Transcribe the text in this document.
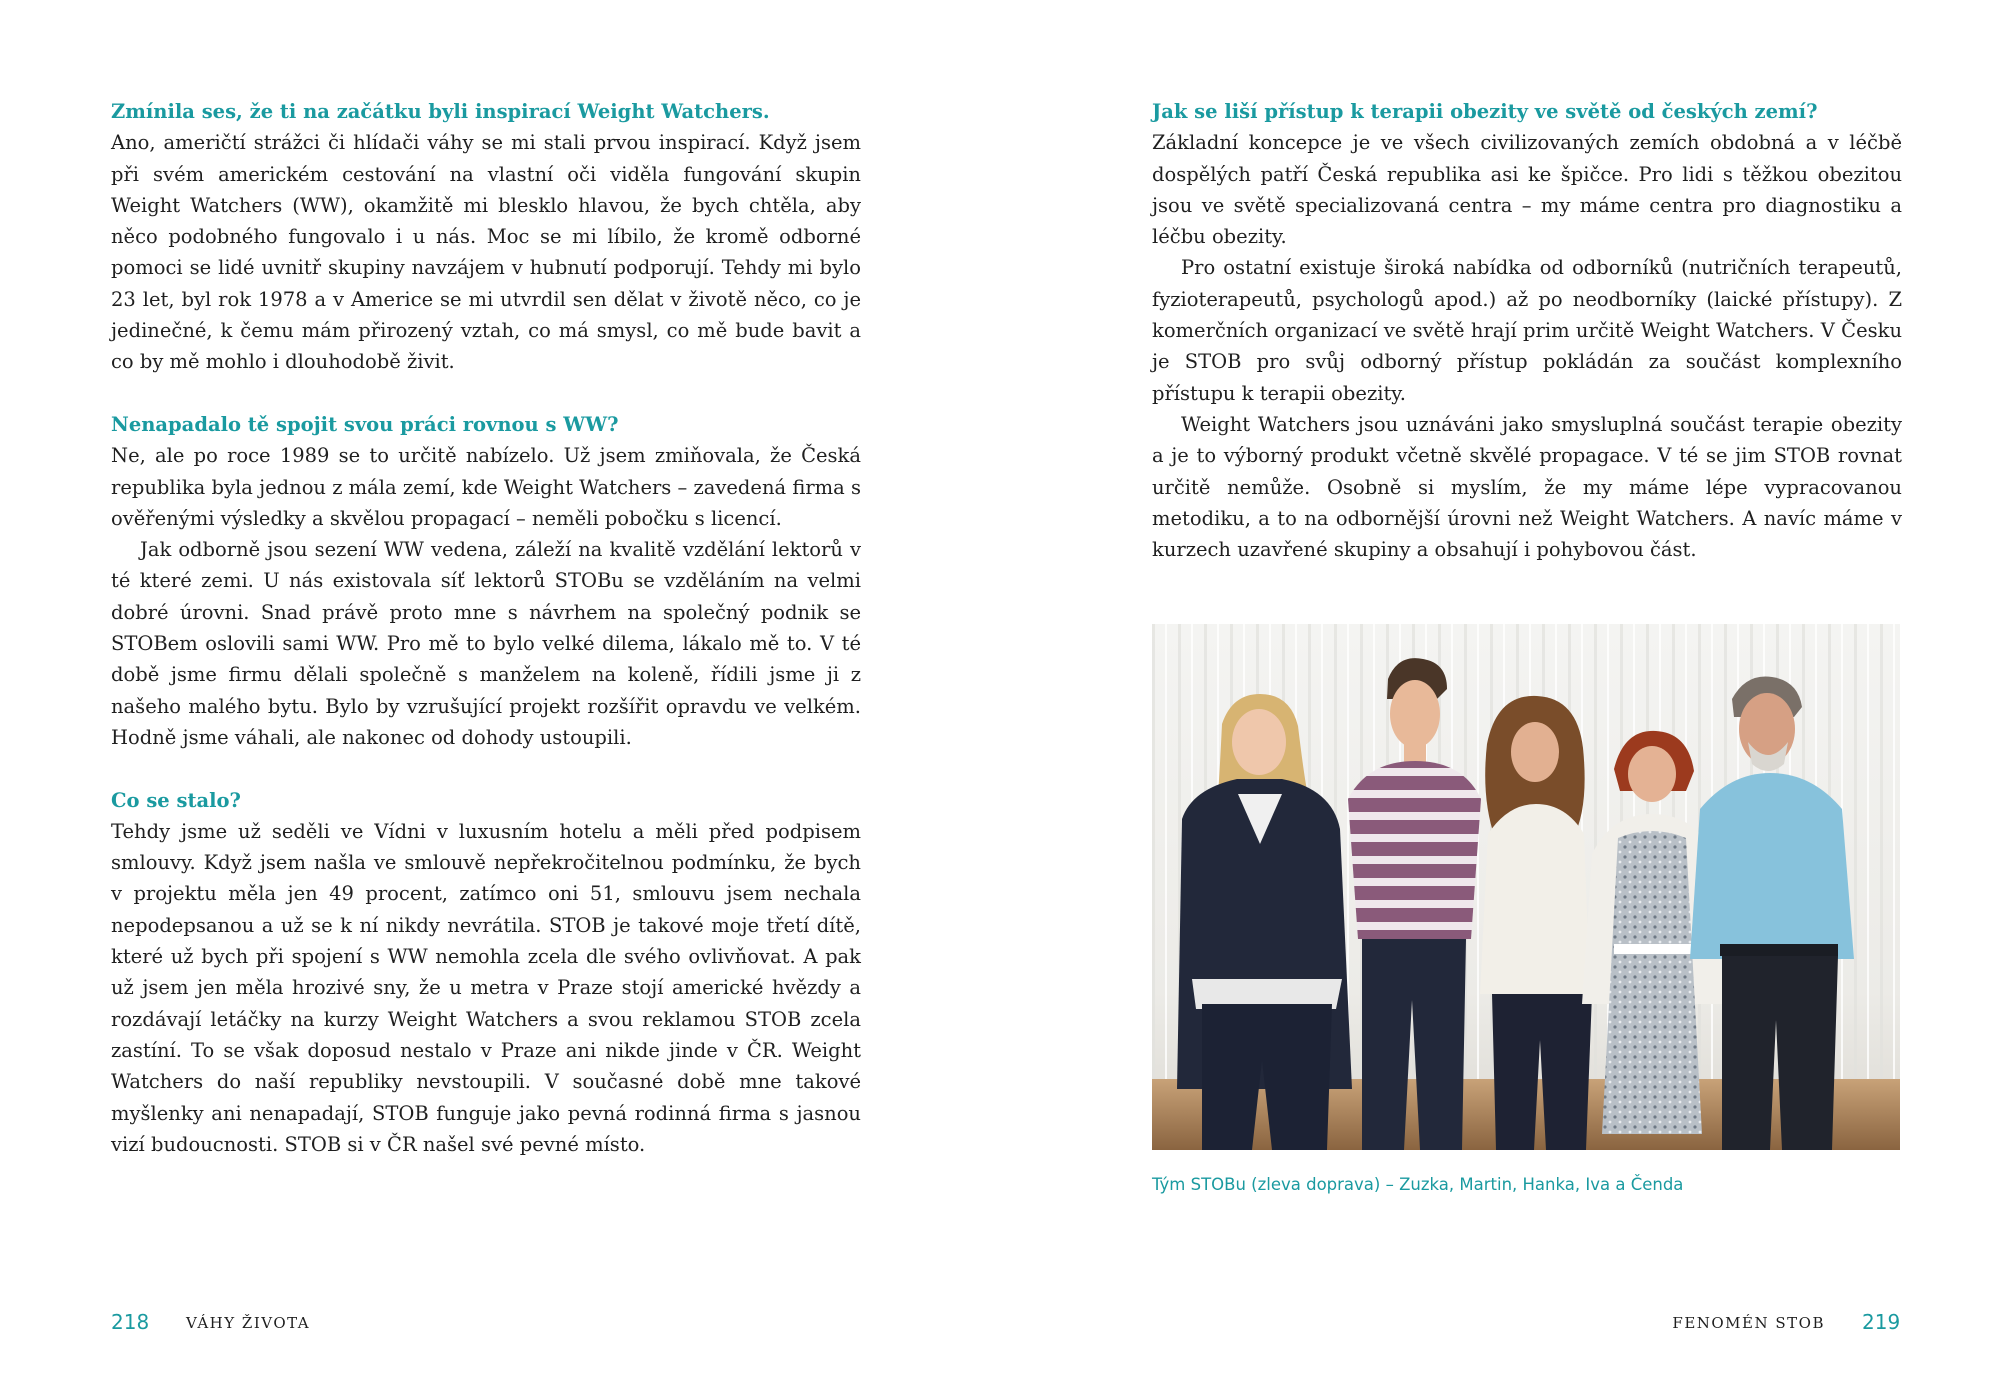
Zmínila ses, že ti na začátku byli inspirací Weight Watchers.

Ano, američtí strážci či hlídači váhy se mi stali prvou inspirací. Když jsem při svém americkém cestování na vlastní oči viděla fungování skupin Weight Watchers (WW), okamžitě mi blesklo hlavou, že bych chtěla, aby něco podobného fungovalo i u nás. Moc se mi líbilo, že kromě odborné pomoci se lidé uvnitř skupiny navzájem v hubnutí podporují. Tehdy mi bylo 23 let, byl rok 1978 a v Americe se mi utvrdil sen dělat v životě něco, co je jedinečné, k čemu mám přirozený vztah, co má smysl, co mě bude bavit a co by mě mohlo i dlouhodobě živit.

Nenapadalo tě spojit svou práci rovnou s WW?

Ne, ale po roce 1989 se to určitě nabízelo. Už jsem zmiňovala, že Česká republika byla jednou z mála zemí, kde Weight Watchers – zavedená firma s ověřenými výsledky a skvělou propagací – neměli pobočku s licencí.

Jak odborně jsou sezení WW vedena, záleží na kvalitě vzdělání lektorů v té které zemi. U nás existovala síť lektorů STOBu se vzděláním na velmi dobré úrovni. Snad právě proto mne s návrhem na společný podnik se STOBem oslovili sami WW. Pro mě to bylo velké dilema, lákalo mě to. V té době jsme firmu dělali společně s manželem na koleně, řídili jsme ji z našeho malého bytu. Bylo by vzrušující projekt rozšířit opravdu ve velkém. Hodně jsme váhali, ale nakonec od dohody ustoupili.

Co se stalo?

Tehdy jsme už seděli ve Vídni v luxusním hotelu a měli před podpisem smlouvy. Když jsem našla ve smlouvě nepřekročitelnou podmínku, že bych v projektu měla jen 49 procent, zatímco oni 51, smlouvu jsem nechala nepodepsanou a už se k ní nikdy nevrátila. STOB je takové moje třetí dítě, které už bych při spojení s WW nemohla zcela dle svého ovlivňovat. A pak už jsem jen měla hrozivé sny, že u metra v Praze stojí americké hvězdy a rozdávají letáčky na kurzy Weight Watchers a svou reklamou STOB zcela zastíní. To se však doposud nestalo v Praze ani nikde jinde v ČR. Weight Watchers do naší republiky nevstoupili. V současné době mne takové myšlenky ani nenapadají, STOB funguje jako pevná rodinná firma s jasnou vizí budoucnosti. STOB si v ČR našel své pevné místo.

218 VÁHY ŽIVOTA

Jak se liší přístup k terapii obezity ve světě od českých zemí?

Základní koncepce je ve všech civilizovaných zemích obdobná a v léčbě dospělých patří Česká republika asi ke špičce. Pro lidi s těžkou obezitou jsou ve světě specializovaná centra – my máme centra pro diagnostiku a léčbu obezity.

Pro ostatní existuje široká nabídka od odborníků (nutričních terapeutů, fyzioterapeutů, psychologů apod.) až po neodborníky (laické přístupy). Z komerčních organizací ve světě hrají prim určitě Weight Watchers. V Česku je STOB pro svůj odborný přístup pokládán za součást komplexního přístupu k terapii obezity.

Weight Watchers jsou uznáváni jako smysluplná součást terapie obezity a je to výborný produkt včetně skvělé propagace. V té se jim STOB rovnat určitě nemůže. Osobně si myslím, že my máme lépe vypracovanou metodiku, a to na odbornější úrovni než Weight Watchers. A navíc máme v kurzech uzavřené skupiny a obsahují i pohybovou část.

Tým STOBu (zleva doprava) – Zuzka, Martin, Hanka, Iva a Čenda
FENOMÉN STOB 219
